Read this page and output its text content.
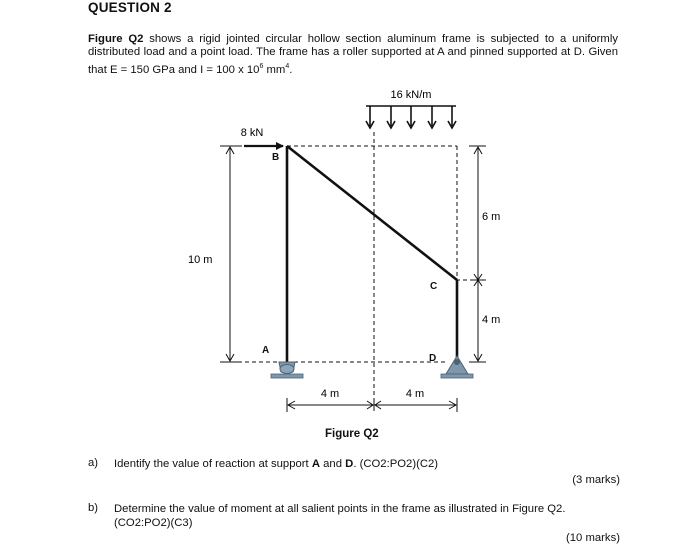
QUESTION 2
Figure Q2 shows a rigid jointed circular hollow section aluminum frame is subjected to a uniformly distributed load and a point load. The frame has a roller supported at A and pinned supported at D. Given that E = 150 GPa and I = 100 x $10^6$ $mm^4$.
16 kN/m
8 kN
B
A
C
D
10 m
6 m
4 m
4 m	4 m
Figure Q2
a) Identify the value of reaction at support A and D. (CO2:PO2)(C2)
(3 marks)
b) Determine the value of moment at all salient points in the frame as illustrated in Figure Q2. (CO2:PO2)(C3)
(10 marks)
